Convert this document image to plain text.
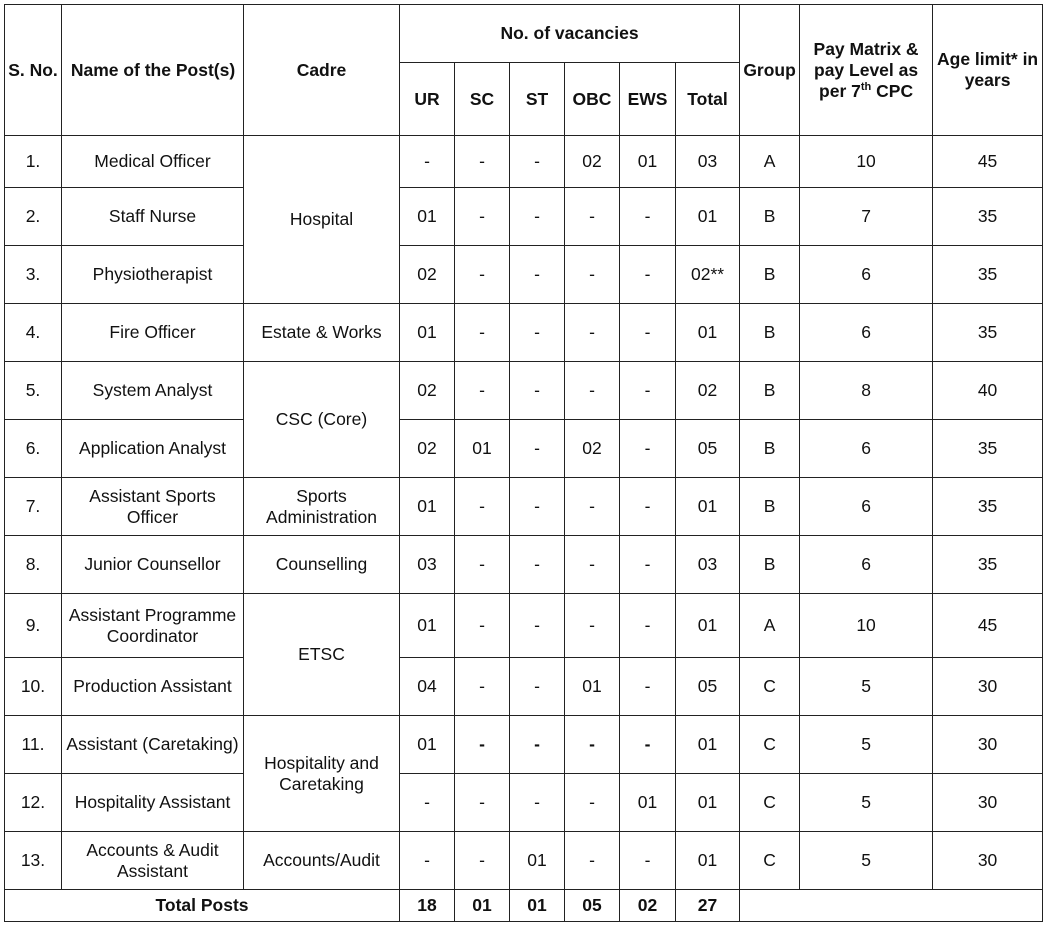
S. No.	Name of the Post(s)	Cadre	No. of vacancies						Group	Pay Matrix & pay Level as per 7th CPC	Age limit* in years
			UR	SC	ST	OBC	EWS	Total			
1.	Medical Officer	Hospital	-	-	-	02	01	03	A	10	45
2.	Staff Nurse		01	-	-	-	-	01	B	7	35
3.	Physiotherapist		02	-	-	-	-	02**	B	6	35
4.	Fire Officer	Estate & Works	01	-	-	-	-	01	B	6	35
5.	System Analyst	CSC (Core)	02	-	-	-	-	02	B	8	40
6.	Application Analyst		02	01	-	02	-	05	B	6	35
7.	Assistant Sports Officer	Sports Administration	01	-	-	-	-	01	B	6	35
8.	Junior Counsellor	Counselling	03	-	-	-	-	03	B	6	35
9.	Assistant Programme Coordinator	ETSC	01	-	-	-	-	01	A	10	45
10.	Production Assistant		04	-	-	01	-	05	C	5	30
11.	Assistant (Caretaking)	Hospitality and Caretaking	01	-	-	-	-	01	C	5	30
12.	Hospitality Assistant		-	-	-	-	01	01	C	5	30
13.	Accounts & Audit Assistant	Accounts/Audit	-	-	01	-	-	01	C	5	30
Total Posts			18	01	01	05	02	27			
